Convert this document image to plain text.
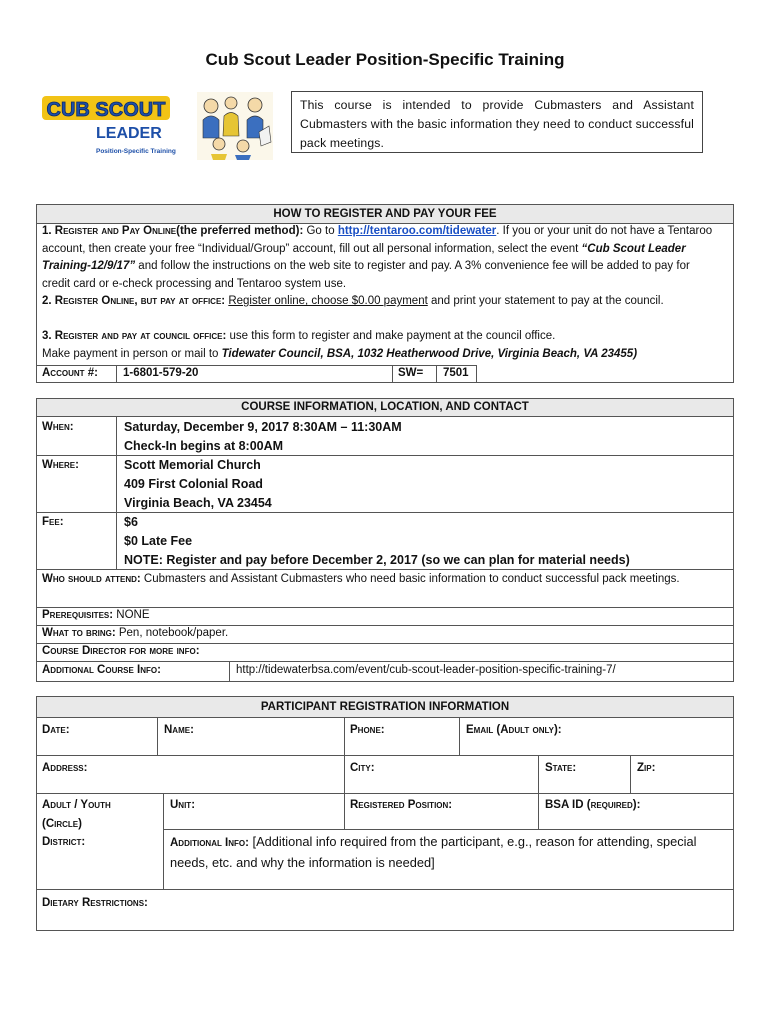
Cub Scout Leader Position-Specific Training
CUB SCOUT
LEADER
Position-Specific Training
This course is intended to provide Cubmasters and Assistant Cubmasters with the basic information they need to conduct successful pack meetings.
HOW TO REGISTER AND PAY YOUR FEE
1. Register and Pay Online(the preferred method): Go to http://tentaroo.com/tidewater. If you or your unit do not have a Tentaroo account, then create your free “Individual/Group” account, fill out all personal information, select the event “Cub Scout Leader Training-12/9/17” and follow the instructions on the web site to register and pay. A 3% convenience fee will be added to pay for credit card or e-check processing and Tentaroo system use.
2. Register Online, but pay at office: Register online, choose $0.00 payment and print your statement to pay at the council.
3. Register and pay at council office: use this form to register and make payment at the council office.
Make payment in person or mail to Tidewater Council, BSA, 1032 Heatherwood Drive, Virginia Beach, VA 23455)
Account #: 1-6801-579-20	SW= 7501
COURSE INFORMATION, LOCATION, AND CONTACT
When:	Saturday, December 9, 2017 8:30AM – 11:30AM
Check-In begins at 8:00AM
Where:	Scott Memorial Church
409 First Colonial Road
Virginia Beach, VA 23454
Fee:	$6
$0 Late Fee
NOTE: Register and pay before December 2, 2017 (so we can plan for material needs)
Who should attend: Cubmasters and Assistant Cubmasters who need basic information to conduct successful pack meetings.
Prerequisites: NONE
What to bring: Pen, notebook/paper.
Course Director for more info:
Additional Course Info:	http://tidewaterbsa.com/event/cub-scout-leader-position-specific-training-7/
PARTICIPANT REGISTRATION INFORMATION
Date:	Name:	Phone:	Email (Adult only):
Address:	City:	State:	Zip:
Adult / Youth
(Circle)
Unit:	Registered Position:	BSA ID (required):
District:	Additional Info: [Additional info required from the participant, e.g., reason for attending, special needs, etc. and why the information is needed]
Dietary Restrictions:
